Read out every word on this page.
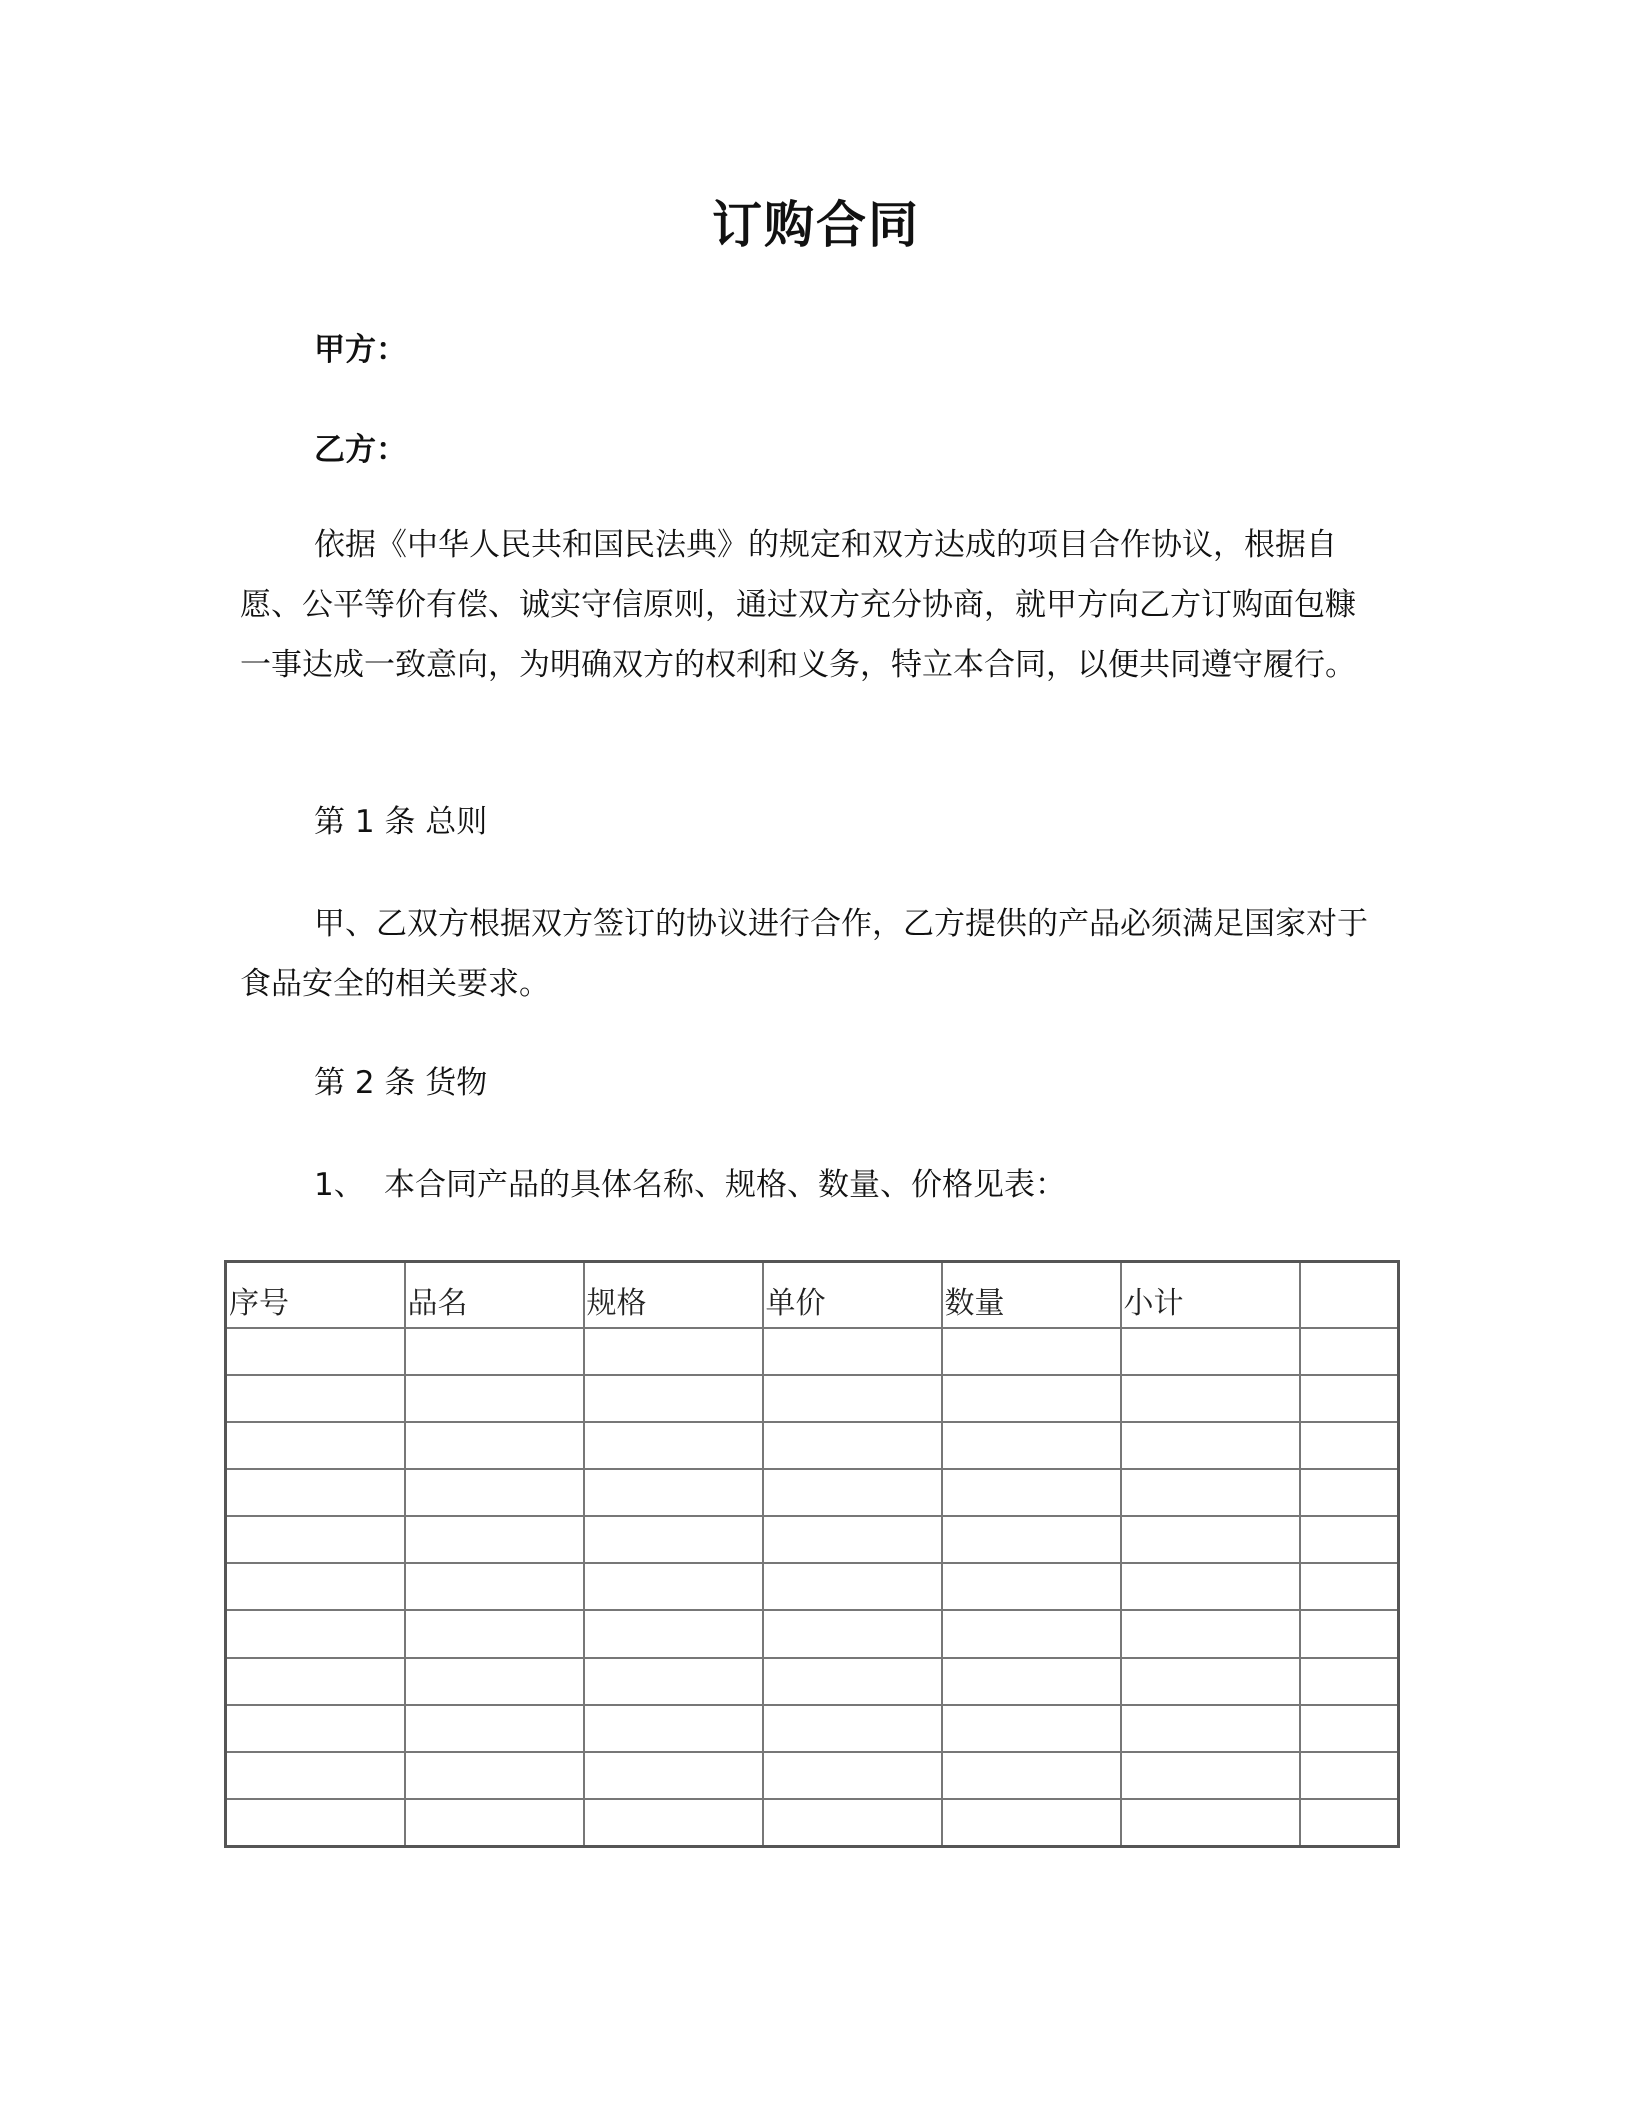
订购合同
甲方：
乙方：
依据《中华人民共和国民法典》的规定和双方达成的项目合作协议，根据自愿、公平等价有偿、诚实守信原则，通过双方充分协商，就甲方向乙方订购面包糠一事达成一致意向，为明确双方的权利和义务，特立本合同，以便共同遵守履行。
第 1 条 总则
甲、乙双方根据双方签订的协议进行合作，乙方提供的产品必须满足国家对于食品安全的相关要求。
第 2 条 货物
1、 本合同产品的具体名称、规格、数量、价格见表：
序号	品名	规格	单价	数量	小计	
